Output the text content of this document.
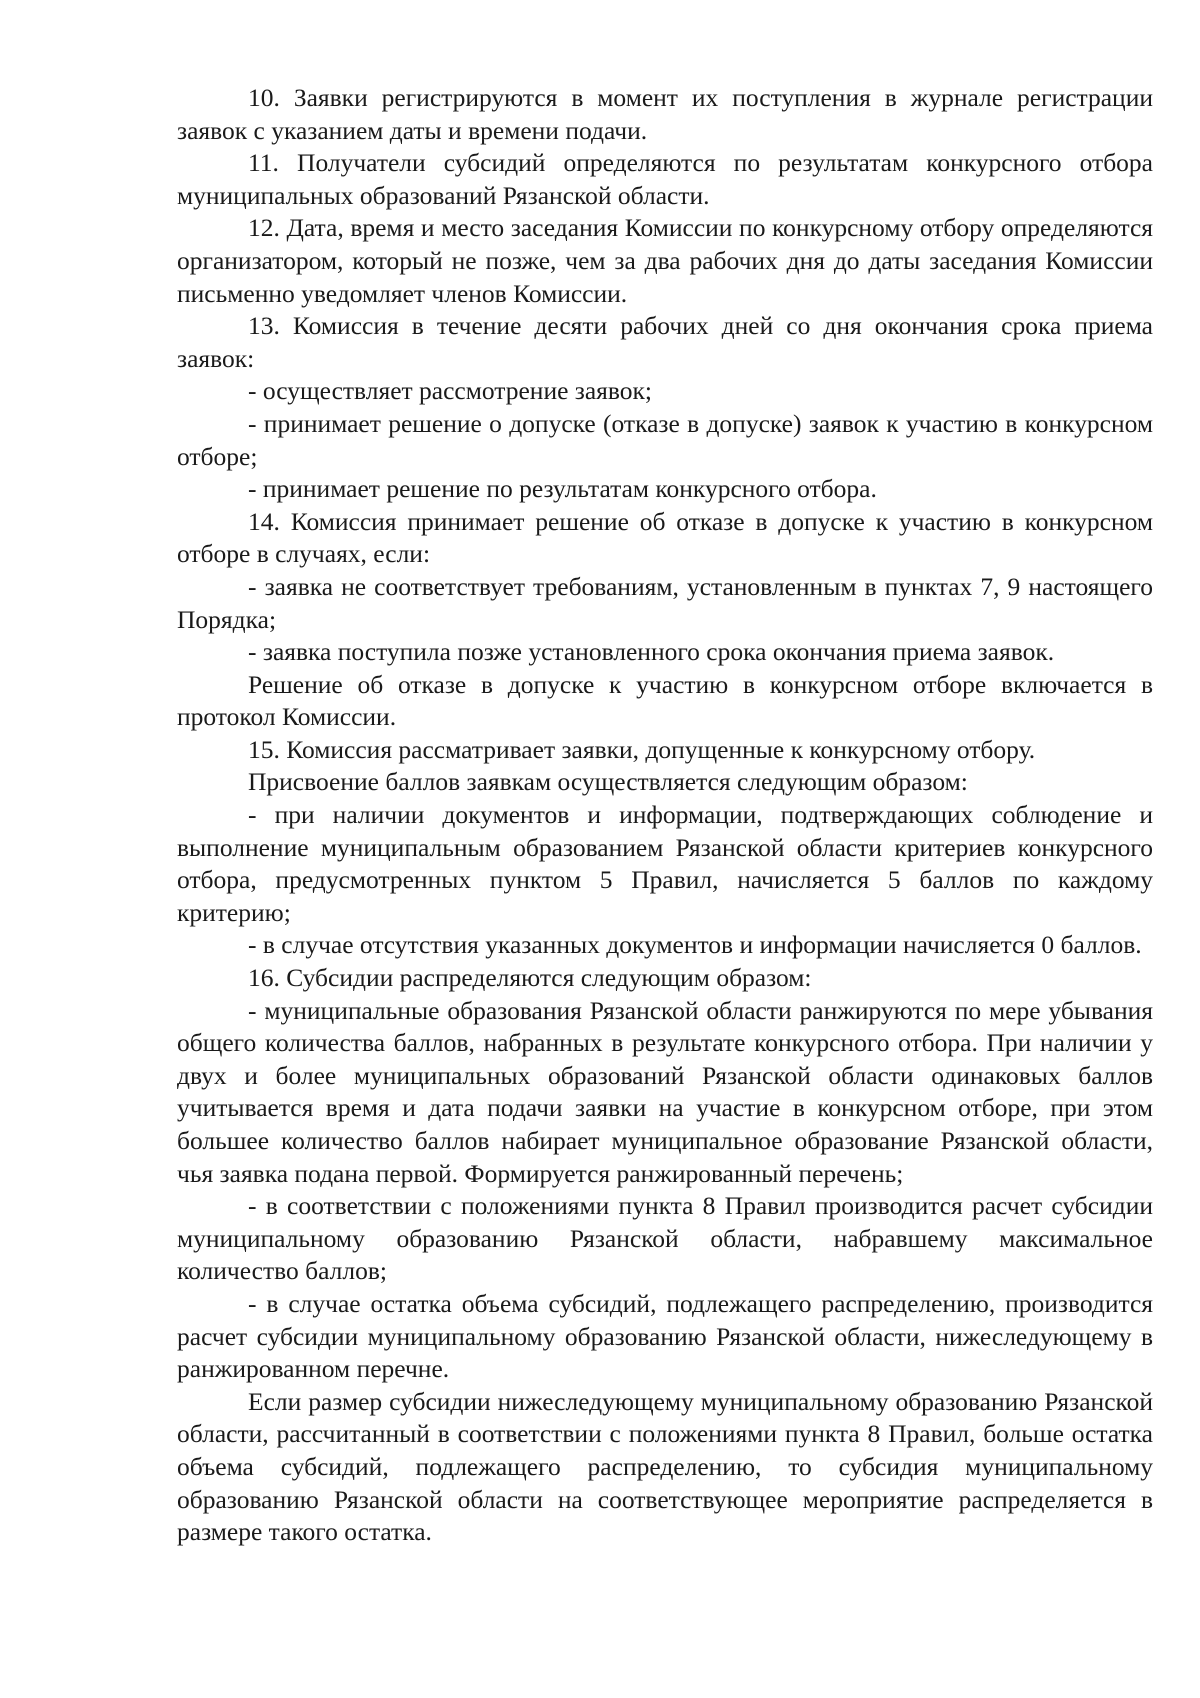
10. Заявки регистрируются в момент их поступления в журнале регистрации заявок с указанием даты и времени подачи.

11. Получатели субсидий определяются по результатам конкурсного отбора муниципальных образований Рязанской области.

12. Дата, время и место заседания Комиссии по конкурсному отбору определяются организатором, который не позже, чем за два рабочих дня до даты заседания Комиссии письменно уведомляет членов Комиссии.

13. Комиссия в течение десяти рабочих дней со дня окончания срока приема заявок:

- осуществляет рассмотрение заявок;

- принимает решение о допуске (отказе в допуске) заявок к участию в конкурсном отборе;

- принимает решение по результатам конкурсного отбора.

14. Комиссия принимает решение об отказе в допуске к участию в конкурсном отборе в случаях, если:

- заявка не соответствует требованиям, установленным в пунктах 7, 9 настоящего Порядка;

- заявка поступила позже установленного срока окончания приема заявок.

Решение об отказе в допуске к участию в конкурсном отборе включается в протокол Комиссии.

15. Комиссия рассматривает заявки, допущенные к конкурсному отбору.

Присвоение баллов заявкам осуществляется следующим образом:

- при наличии документов и информации, подтверждающих соблюдение и выполнение муниципальным образованием Рязанской области критериев конкурсного отбора, предусмотренных пунктом 5 Правил, начисляется 5 баллов по каждому критерию;

- в случае отсутствия указанных документов и информации начисляется 0 баллов.

16. Субсидии распределяются следующим образом:

- муниципальные образования Рязанской области ранжируются по мере убывания общего количества баллов, набранных в результате конкурсного отбора. При наличии у двух и более муниципальных образований Рязанской области одинаковых баллов учитывается время и дата подачи заявки на участие в конкурсном отборе, при этом большее количество баллов набирает муниципальное образование Рязанской области, чья заявка подана первой. Формируется ранжированный перечень;

- в соответствии с положениями пункта 8 Правил производится расчет субсидии муниципальному образованию Рязанской области, набравшему максимальное количество баллов;

- в случае остатка объема субсидий, подлежащего распределению, производится расчет субсидии муниципальному образованию Рязанской области, нижеследующему в ранжированном перечне.

Если размер субсидии нижеследующему муниципальному образованию Рязанской области, рассчитанный в соответствии с положениями пункта 8 Правил, больше остатка объема субсидий, подлежащего распределению, то субсидия муниципальному образованию Рязанской области на соответствующее мероприятие распределяется в размере такого остатка.
